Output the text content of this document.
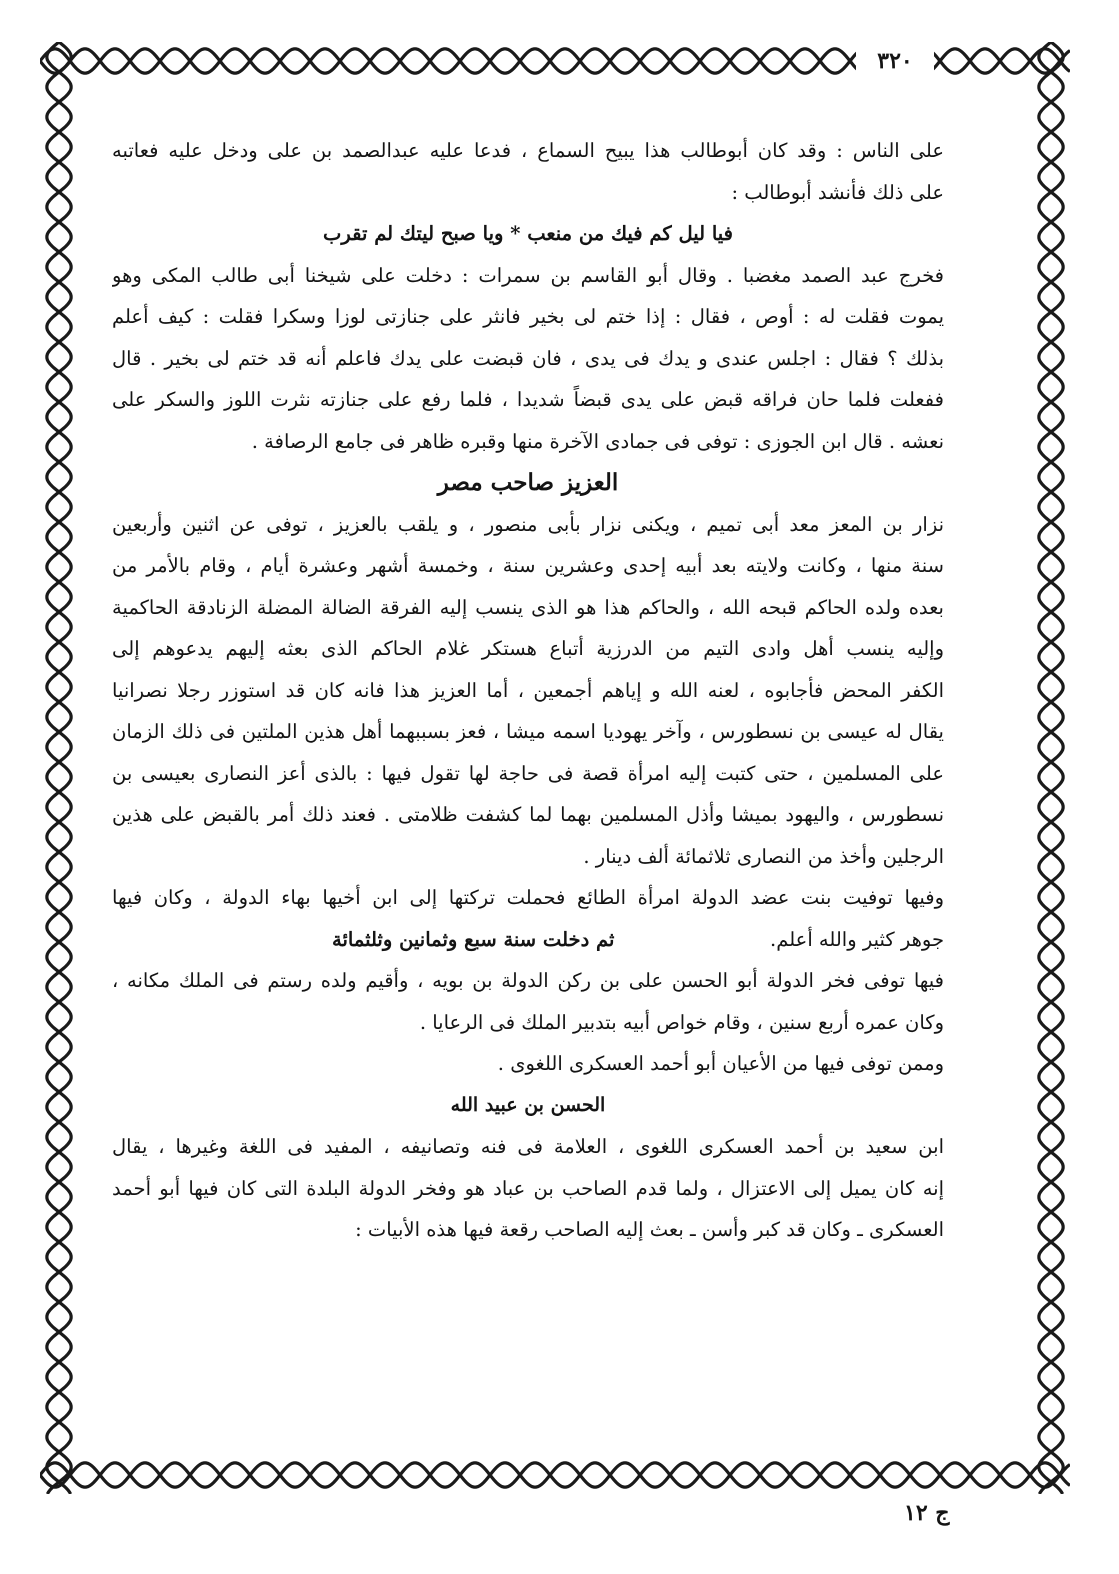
٣٢٠
على الناس : وقد كان أبوطالب هذا يبيح السماع ، فدعا عليه عبدالصمد بن على ودخل عليه فعاتبه
على ذلك فأنشد أبوطالب :
فيا ليل كم فيك من منعب * ويا صبح ليتك لم تقرب
فخرج عبد الصمد مغضبا . وقال أبو القاسم بن سمرات : دخلت على شيخنا أبى طالب المكى وهو
يموت فقلت له : أوص ، فقال : إذا ختم لى بخير فانثر على جنازتى لوزا وسكرا فقلت : كيف أعلم
بذلك ؟ فقال : اجلس عندى و يدك فى يدى ، فان قبضت على يدك فاعلم أنه قد ختم لى بخير . قال
ففعلت فلما حان فراقه قبض على يدى قبضاً شديدا ، فلما رفع على جنازته نثرت اللوز والسكر على
نعشه . قال ابن الجوزى : توفى فى جمادى الآخرة منها وقبره ظاهر فى جامع الرصافة .
العزيز صاحب مصر
نزار بن المعز معد أبى تميم ، ويكنى نزار بأبى منصور ، و يلقب بالعزيز ، توفى عن اثنين وأربعين
سنة منها ، وكانت ولايته بعد أبيه إحدى وعشرين سنة ، وخمسة أشهر وعشرة أيام ، وقام بالأمر من
بعده ولده الحاكم قبحه الله ، والحاكم هذا هو الذى ينسب إليه الفرقة الضالة المضلة الزنادقة الحاكمية
وإليه ينسب أهل وادى التيم من الدرزية أتباع هستكر غلام الحاكم الذى بعثه إليهم يدعوهم إلى
الكفر المحض فأجابوه ، لعنه الله و إياهم أجمعين ، أما العزيز هذا فانه كان قد استوزر رجلا نصرانيا
يقال له عيسى بن نسطورس ، وآخر يهوديا اسمه ميشا ، فعز بسببهما أهل هذين الملتين فى ذلك الزمان
على المسلمين ، حتى كتبت إليه امرأة قصة فى حاجة لها تقول فيها : بالذى أعز النصارى بعيسى بن
نسطورس ، واليهود بميشا وأذل المسلمين بهما لما كشفت ظلامتى . فعند ذلك أمر بالقبض على هذين
الرجلين وأخذ من النصارى ثلاثمائة ألف دينار .
وفيها توفيت بنت عضد الدولة امرأة الطائع فحملت تركتها إلى ابن أخيها بهاء الدولة ، وكان فيها
جوهر كثير والله أعلم.
ثم دخلت سنة سبع وثمانين وثلثمائة
فيها توفى فخر الدولة أبو الحسن على بن ركن الدولة بن بويه ، وأقيم ولده رستم فى الملك مكانه ،
وكان عمره أربع سنين ، وقام خواص أبيه بتدبير الملك فى الرعايا .
وممن توفى فيها من الأعيان أبو أحمد العسكرى اللغوى .
الحسن بن عبيد الله
ابن سعيد بن أحمد العسكرى اللغوى ، العلامة فى فنه وتصانيفه ، المفيد فى اللغة وغيرها ، يقال
إنه كان يميل إلى الاعتزال ، ولما قدم الصاحب بن عباد هو وفخر الدولة البلدة التى كان فيها أبو أحمد
العسكرى ـ وكان قد كبر وأسن ـ بعث إليه الصاحب رقعة فيها هذه الأبيات :
ج ١٢
